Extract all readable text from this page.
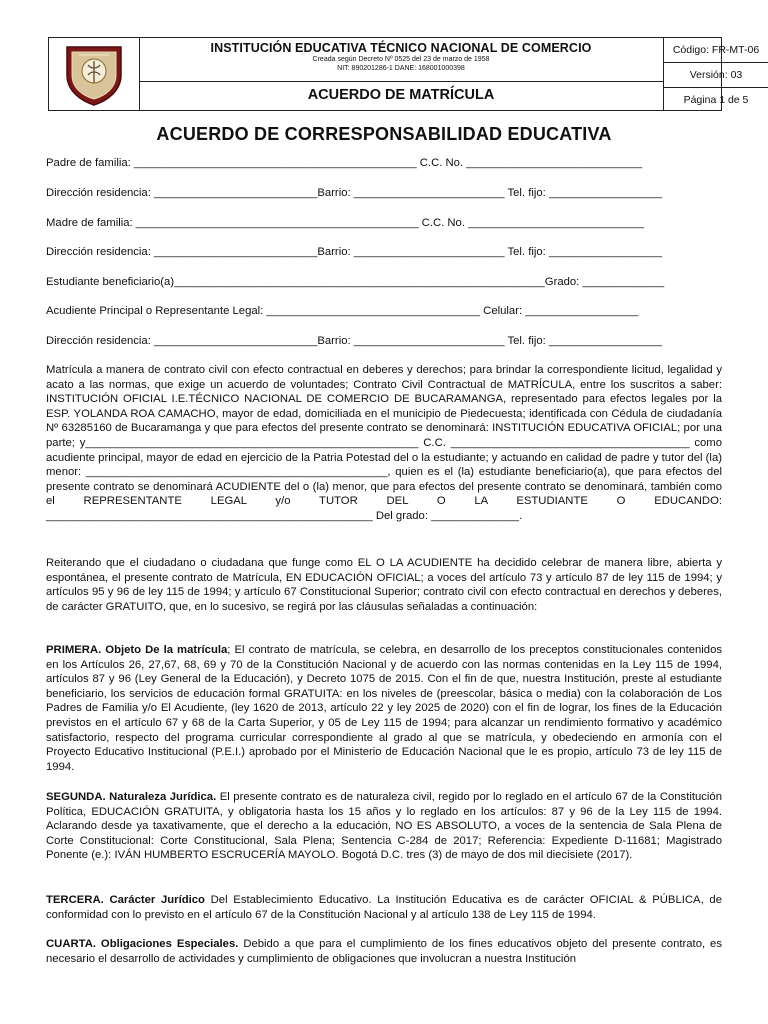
INSTITUCIÓN EDUCATIVA TÉCNICO NACIONAL DE COMERCIO
Creada según Decreto Nº 0525 del 23 de marzo de 1958
NIT: 890201286-1 DANE: 168001000398
ACUERDO DE MATRÍCULA
Código: FR-MT-06
Versión: 03
Página 1 de 5
ACUERDO DE CORRESPONSABILIDAD EDUCATIVA
Padre de familia: _____________________________________________ C.C. No. ____________________________
Dirección residencia: __________________________Barrio: ________________________ Tel. fijo: __________________
Madre de familia: _____________________________________________ C.C. No. ____________________________
Dirección residencia: __________________________Barrio: ________________________ Tel. fijo: __________________
Estudiante beneficiario(a)___________________________________________________________Grado: _____________
Acudiente Principal o Representante Legal: __________________________________ Celular: __________________
Dirección residencia: __________________________Barrio: ________________________ Tel. fijo: __________________

Matrícula a manera de contrato civil con efecto contractual en deberes y derechos; para brindar la correspondiente licitud, legalidad y acato a las normas, que exige un acuerdo de voluntades; Contrato Civil Contractual de MATRÍCULA, entre los suscritos a saber: INSTITUCIÓN OFICIAL I.E.TÉCNICO NACIONAL DE COMERCIO DE BUCARAMANGA, representado para efectos legales por la ESP. YOLANDA ROA CAMACHO, mayor de edad, domiciliada en el municipio de Piedecuesta; identificada con Cédula de ciudadanía Nº 63285160 de Bucaramanga y que para efectos del presente contrato se denominará: INSTITUCIÓN EDUCATIVA OFICIAL; por una parte; y_____________________________________________________ C.C. ______________________________________ como acudiente principal, mayor de edad en ejercicio de la Patria Potestad del o la estudiante; y actuando en calidad de padre y tutor del (la) menor: ________________________________________________, quien es el (la) estudiante beneficiario(a), que para efectos del presente contrato se denominará ACUDIENTE del o (la) menor, que para efectos del presente contrato se denominará, también como el REPRESENTANTE LEGAL y/o TUTOR DEL O LA ESTUDIANTE O EDUCANDO: ____________________________________________________ Del grado: ______________.

Reiterando que el ciudadano o ciudadana que funge como EL O LA ACUDIENTE ha decidido celebrar de manera libre, abierta y espontánea, el presente contrato de Matrícula, EN EDUCACIÓN OFICIAL; a voces del artículo 73 y artículo 87 de ley 115 de 1994; y artículos 95 y 96 de ley 115 de 1994; y artículo 67 Constitucional Superior; contrato civil con efecto contractual en derechos y deberes, de carácter GRATUITO, que, en lo sucesivo, se regirá por las cláusulas señaladas a continuación:

PRIMERA. Objeto De la matrícula; El contrato de matrícula, se celebra, en desarrollo de los preceptos constitucionales contenidos en los Artículos 26, 27,67, 68, 69 y 70 de la Constitución Nacional y de acuerdo con las normas contenidas en la Ley 115 de 1994, artículos 87 y 96 (Ley General de la Educación), y Decreto 1075 de 2015. Con el fin de que, nuestra Institución, preste al estudiante beneficiario, los servicios de educación formal GRATUITA: en los niveles de (preescolar, básica o media) con la colaboración de Los Padres de Familia y/o El Acudiente, (ley 1620 de 2013, artículo 22 y ley 2025 de 2020) con el fin de lograr, los fines de la Educación previstos en el artículo 67 y 68 de la Carta Superior, y 05 de Ley 115 de 1994; para alcanzar un rendimiento formativo y académico satisfactorio, respecto del programa curricular correspondiente al grado al que se matrícula, y obedeciendo en armonía con el Proyecto Educativo Institucional (P.E.I.) aprobado por el Ministerio de Educación Nacional que le es propio, artículo 73 de ley 115 de 1994.

SEGUNDA. Naturaleza Jurídica. El presente contrato es de naturaleza civil, regido por lo reglado en el artículo 67 de la Constitución Política, EDUCACIÓN GRATUITA, y obligatoria hasta los 15 años y lo reglado en los artículos: 87 y 96 de la Ley 115 de 1994. Aclarando desde ya taxativamente, que el derecho a la educación, NO ES ABSOLUTO, a voces de la sentencia de Sala Plena de Corte Constitucional: Corte Constitucional, Sala Plena; Sentencia C-284 de 2017; Referencia: Expediente D-11681; Magistrado Ponente (e.): IVÁN HUMBERTO ESCRUCERÍA MAYOLO. Bogotá D.C. tres (3) de mayo de dos mil diecisiete (2017).

TERCERA. Carácter Jurídico Del Establecimiento Educativo. La Institución Educativa es de carácter OFICIAL & PÚBLICA, de conformidad con lo previsto en el artículo 67 de la Constitución Nacional y al artículo 138 de Ley 115 de 1994.

CUARTA. Obligaciones Especiales. Debido a que para el cumplimiento de los fines educativos objeto del presente contrato, es necesario el desarrollo de actividades y cumplimiento de obligaciones que involucran a nuestra Institución
